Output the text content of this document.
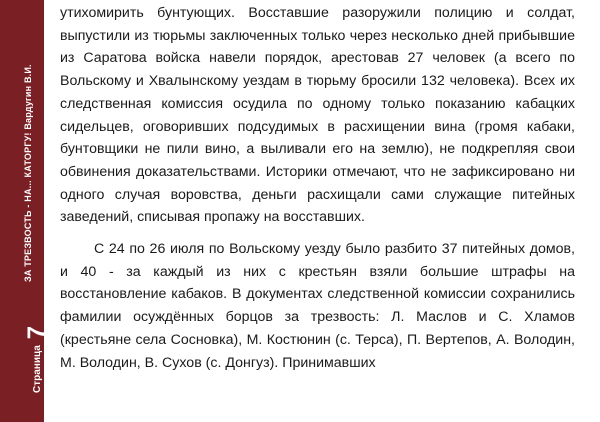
ЗА ТРЕЗВОСТЬ - НА... КАТОРГУ! Вардугин В.И.
Страница
7

утихомирить бунтующих. Восставшие разоружили полицию и солдат, выпустили из тюрьмы заключенных только через несколько дней прибывшие из Саратова войска навели порядок, арестовав 27 человек (а всего по Вольскому и Хвалынскому уездам в тюрьму бросили 132 человека). Всех их следственная комиссия осудила по одному только показанию кабацких сидельцев, оговоривших подсудимых в расхищении вина (громя кабаки, бунтовщики не пили вино, а выливали его на землю), не подкрепляя свои обвинения доказательствами. Историки отмечают, что не зафиксировано ни одного случая воровства, деньги расхищали сами служащие питейных заведений, списывая пропажу на восставших.

С 24 по 26 июля по Вольскому уезду было разбито 37 питейных домов, и 40 - за каждый из них с крестьян взяли большие штрафы на восстановление кабаков. В документах следственной комиссии сохранились фамилии осуждённых борцов за трезвость: Л. Маслов и С. Хламов (крестьяне села Сосновка), М. Костюнин (с. Терса), П. Вертепов, А. Володин, М. Володин, В. Сухов (с. Донгуз). Принимавших
